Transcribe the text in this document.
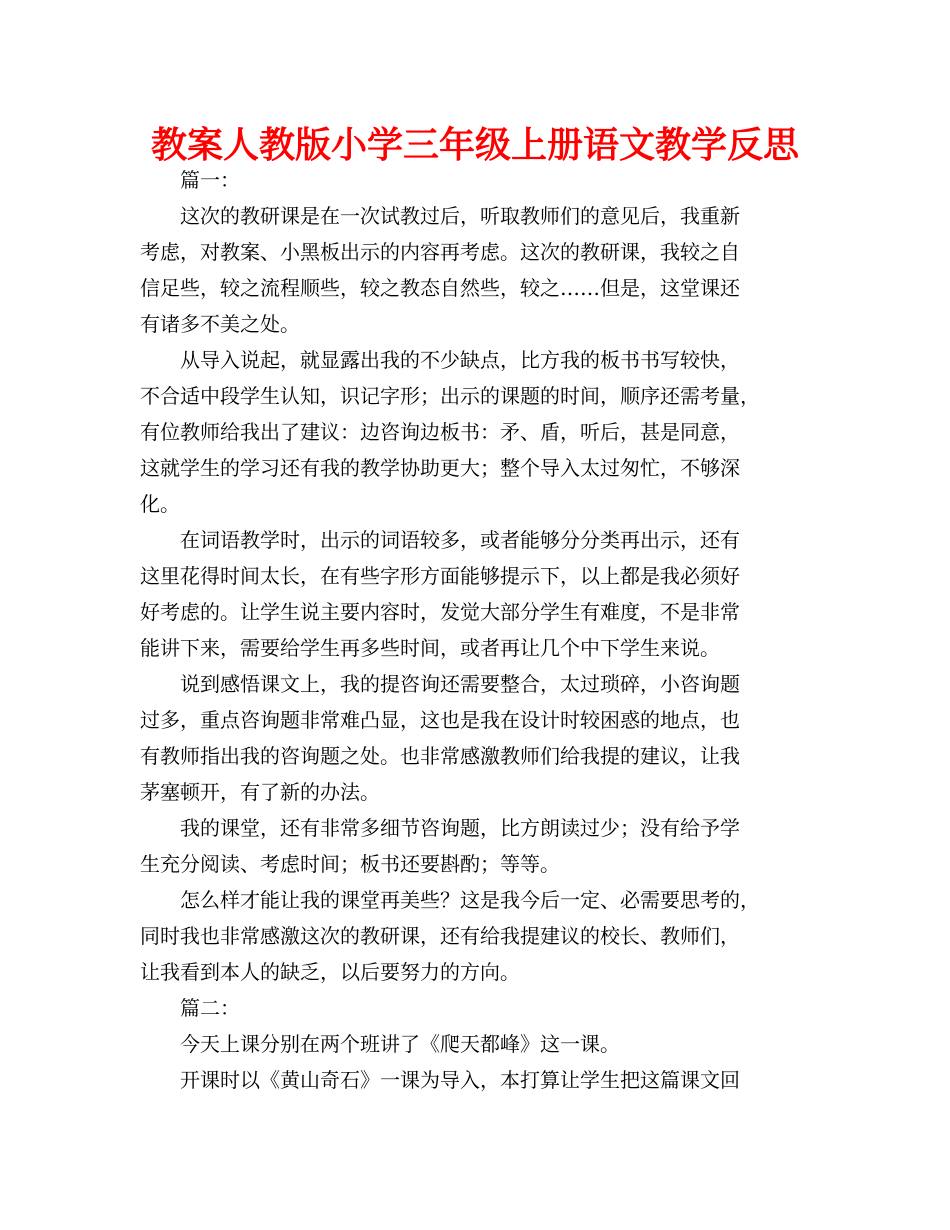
教案人教版小学三年级上册语文教学反思

篇一：

这次的教研课是在一次试教过后，听取教师们的意见后，我重新
考虑，对教案、小黑板出示的内容再考虑。这次的教研课，我较之自
信足些，较之流程顺些，较之教态自然些，较之……但是，这堂课还
有诸多不美之处。

从导入说起，就显露出我的不少缺点，比方我的板书书写较快，
不合适中段学生认知，识记字形；出示的课题的时间，顺序还需考量，
有位教师给我出了建议：边咨询边板书：矛、盾，听后，甚是同意，
这就学生的学习还有我的教学协助更大；整个导入太过匆忙，不够深
化。

在词语教学时，出示的词语较多，或者能够分分类再出示，还有
这里花得时间太长，在有些字形方面能够提示下，以上都是我必须好
好考虑的。让学生说主要内容时，发觉大部分学生有难度，不是非常
能讲下来，需要给学生再多些时间，或者再让几个中下学生来说。

说到感悟课文上，我的提咨询还需要整合，太过琐碎，小咨询题
过多，重点咨询题非常难凸显，这也是我在设计时较困惑的地点，也
有教师指出我的咨询题之处。也非常感激教师们给我提的建议，让我
茅塞顿开，有了新的办法。

我的课堂，还有非常多细节咨询题，比方朗读过少；没有给予学
生充分阅读、考虑时间；板书还要斟酌；等等。

怎么样才能让我的课堂再美些？这是我今后一定、必需要思考的，
同时我也非常感激这次的教研课，还有给我提建议的校长、教师们，
让我看到本人的缺乏，以后要努力的方向。

篇二：

今天上课分别在两个班讲了《爬天都峰》这一课。

开课时以《黄山奇石》一课为导入，本打算让学生把这篇课文回
